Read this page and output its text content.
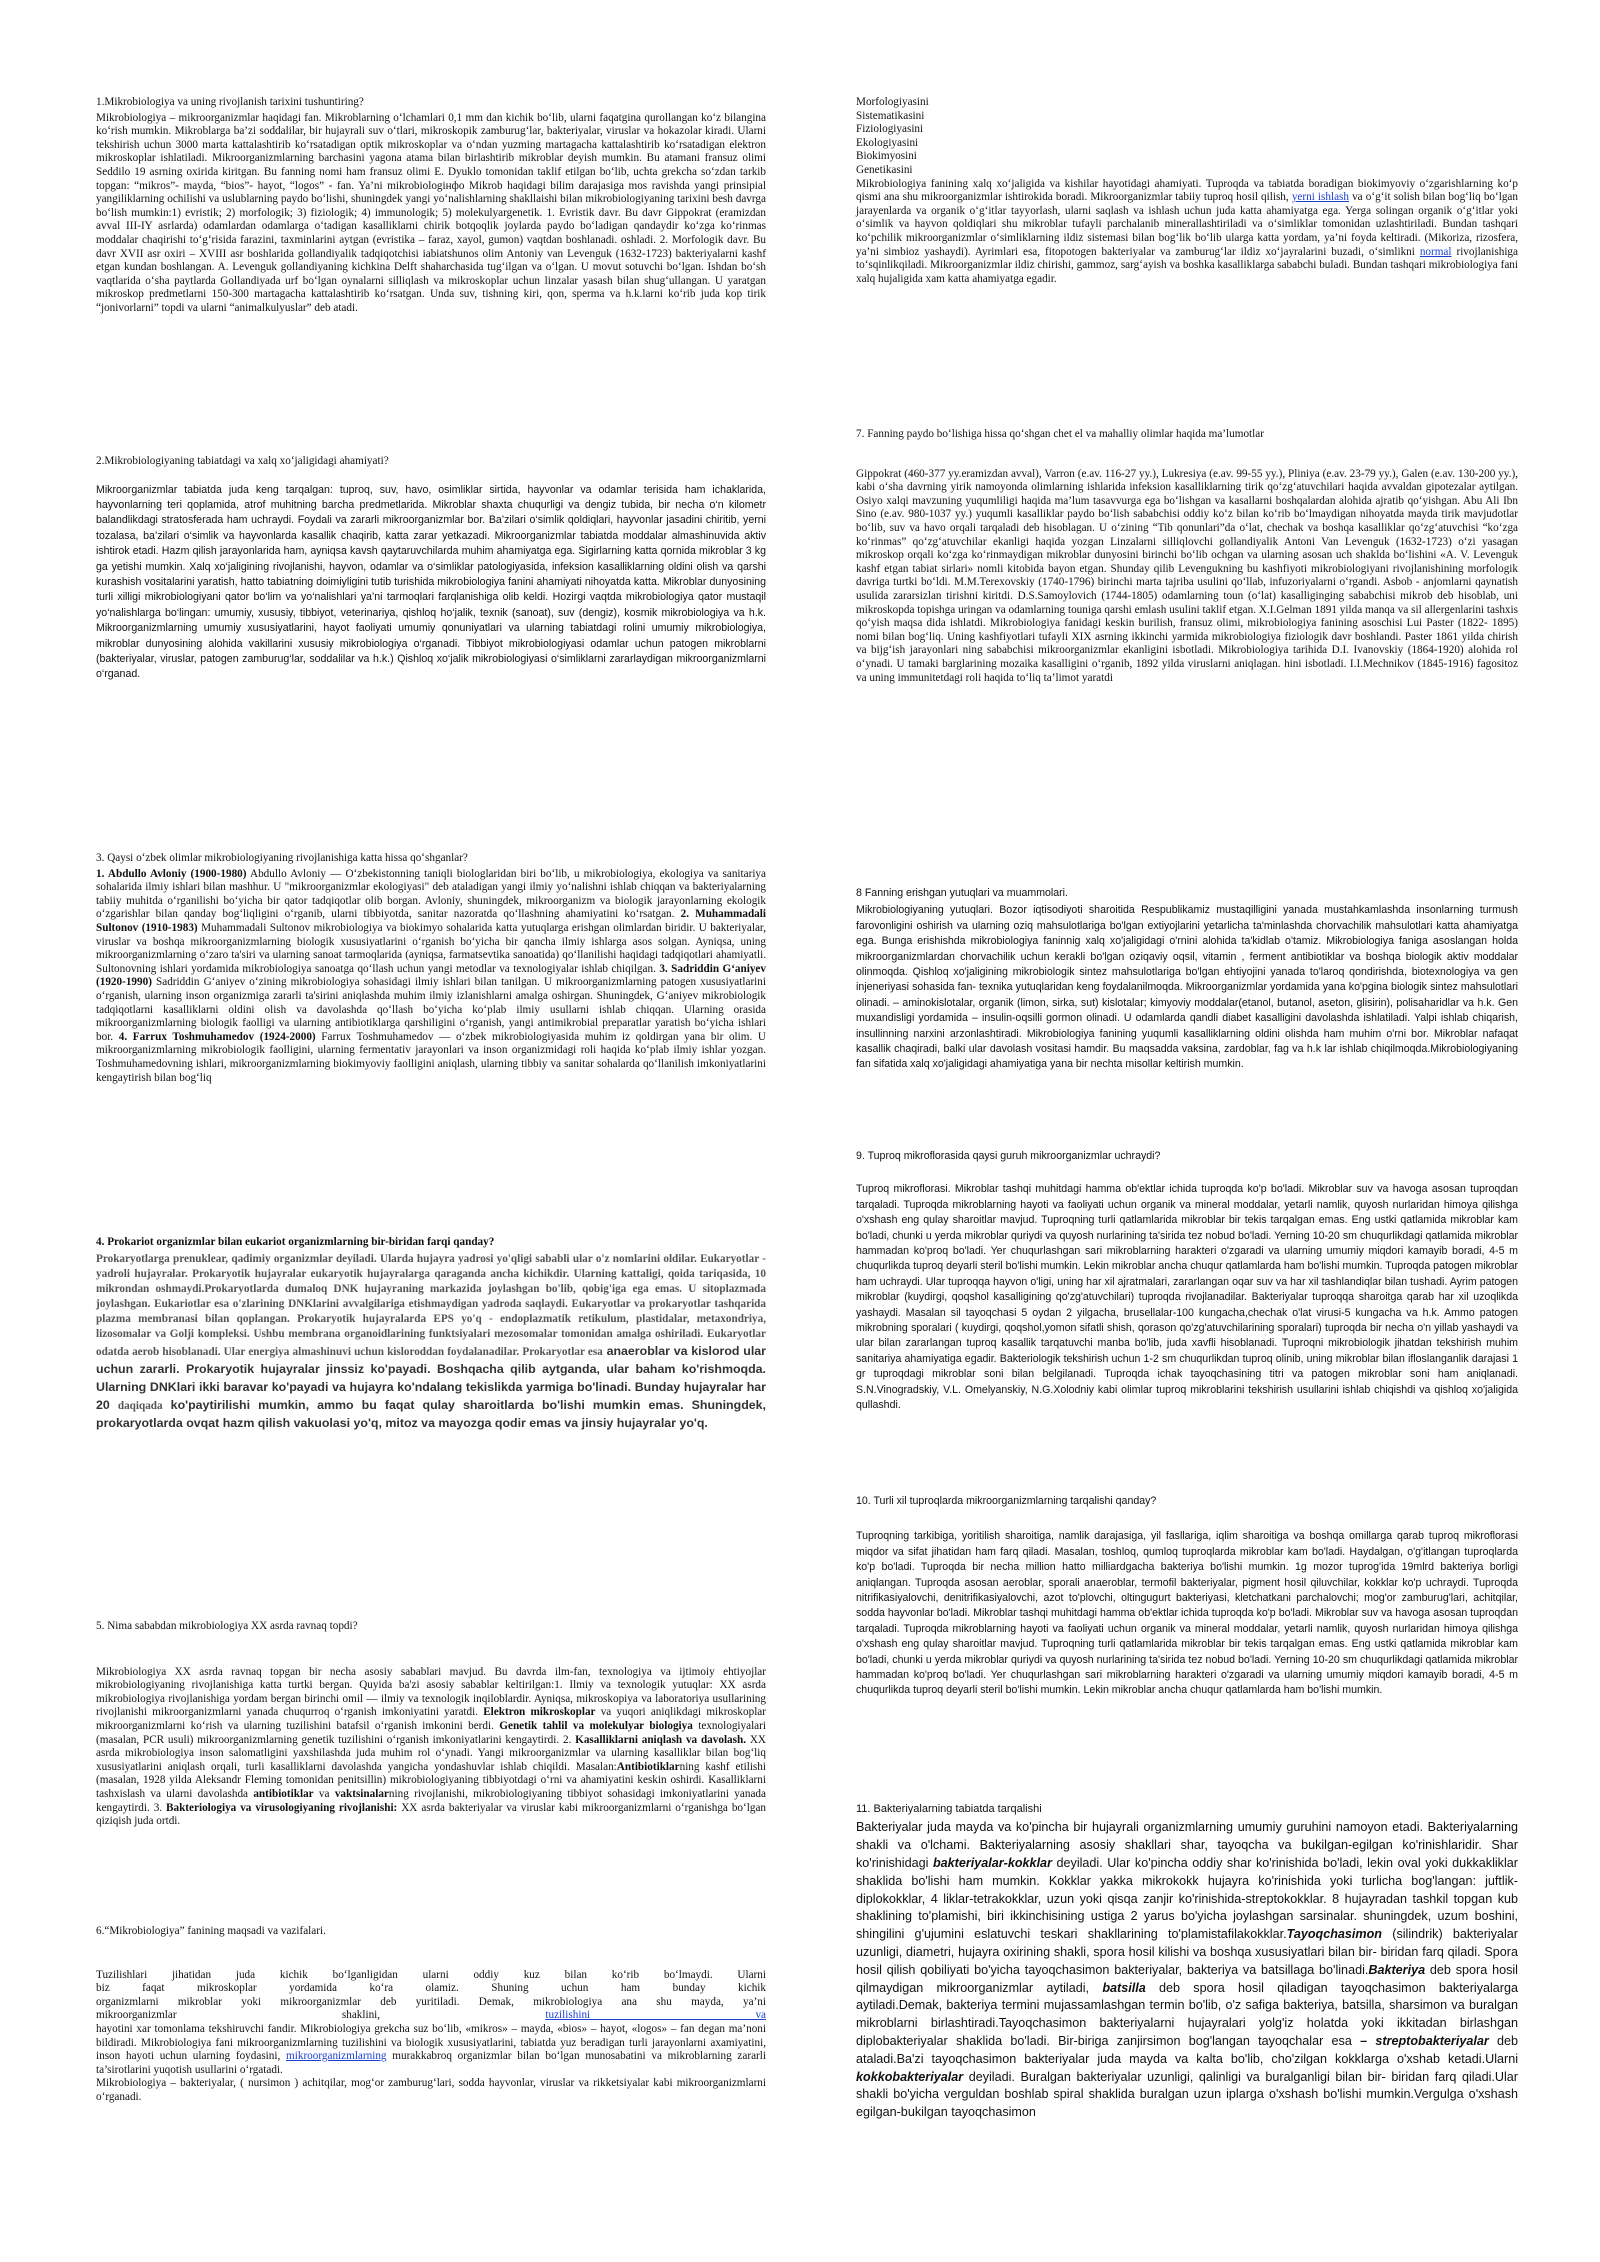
1.Mikrobiologiya va uning rivojlanish tarixini tushuntiring?

Mikrobiologiya – mikroorganizmlar haqidagi fan. Mikroblarning o‘lchamlari 0,1 mm dan kichik bo‘lib, ularni faqatgina qurollangan ko‘z bilangina ko‘rish mumkin. Mikroblarga ba’zi soddalilar, bir hujayrali suv o‘tlari, mikroskopik zamburug‘lar, bakteriyalar, viruslar va hokazolar kiradi. Ularni tekshirish uchun 3000 marta kattalashtirib ko‘rsatadigan optik mikroskoplar va o‘ndan yuzming martagacha kattalashtirib ko‘rsatadigan elektron mikroskoplar ishlatiladi. Mikroorganizmlarning barchasini yagona atama bilan birlashtirib mikroblar deyish mumkin. Bu atamani fransuz olimi Seddilo 19 asrning oxirida kiritgan. Bu fanning nomi ham fransuz olimi E. Dyuklo tomonidan taklif etilgan bo‘lib, uchta grekcha so‘zdan tarkib topgan: “mikros”- mayda, “bios”- hayot, “logos” - fan. Ya’ni mikrobiologiнфо Mikrob haqidagi bilim darajasiga mos ravishda yangi prinsipial yangiliklarning ochilishi va uslublarning paydo bo‘lishi, shuningdek yangi yo‘nalishlarning shakllaishi bilan mikrobiologiyaning tarixini besh davrga bo‘lish mumkin:1) evristik; 2) morfologik; 3) fiziologik; 4) immunologik; 5) molekulyargenetik. 1. Evristik davr. Bu davr Gippokrat (eramizdan avval III-IY asrlarda) odamlardan odamlarga o‘tadigan kasalliklarni chirik botqoqlik joylarda paydo bo‘ladigan qandaydir ko‘zga ko‘rinmas moddalar chaqirishi to‘g‘risida farazini, taxminlarini aytgan (evristika – faraz, xayol, gumon) vaqtdan boshlanadi. oshladi. 2. Morfologik davr. Bu davr XVII asr oxiri – XVIII asr boshlarida gollandiyalik tadqiqotchisi iabiatshunos olim Antoniy van Levenguk (1632-1723) bakteriyalarni kashf etgan kundan boshlangan. A. Levenguk gollandiyaning kichkina Delft shaharchasida tug‘ilgan va o‘lgan. U movut sotuvchi bo‘lgan. Ishdan bo‘sh vaqtlarida o‘sha paytlarda Gollandiyada urf bo‘lgan oynalarni silliqlash va mikroskoplar uchun linzalar yasash bilan shug‘ullangan. U yaratgan mikroskop predmetlarni 150-300 martagacha kattalashtirib ko‘rsatgan. Unda suv, tishning kiri, qon, sperma va h.k.larni ko‘rib juda kop tirik “jonivorlarni” topdi va ularni “animalkulyuslar” deb atadi.

2.Mikrobiologiyaning tabiatdagi va xalq xo‘jaligidagi ahamiyati?

Mikroorganizmlar tabiatda juda keng tarqalgan: tuproq, suv, havo, osimliklar sirtida, hayvonlar va odamlar terisida ham ichaklarida, hayvonlarning teri qoplamida, atrof muhitning barcha predmetlarida. Mikroblar shaxta chuqurligi va dengiz tubida, bir necha o‘n kilometr balandlikdagi stratosferada ham uchraydi. Foydali va zararli mikroorganizmlar bor. Ba’zilari o‘simlik qoldiqlari, hayvonlar jasadini chiritib, yerni tozalasa, ba’zilari o‘simlik va hayvonlarda kasallik chaqirib, katta zarar yetkazadi. Mikroorganizmlar tabiatda moddalar almashinuvida aktiv ishtirok etadi. Hazm qilish jarayonlarida ham, ayniqsa kavsh qaytaruvchilarda muhim ahamiyatga ega. Sigirlarning katta qornida mikroblar 3 kg ga yetishi mumkin. Xalq xo‘jaligining rivojlanishi, hayvon, odamlar va o‘simliklar patologiyasida, infeksion kasalliklarning oldini olish va qarshi kurashish vositalarini yaratish, hatto tabiatning doimiyligini tutib turishida mikrobiologiya fanini ahamiyati nihoyatda katta. Mikroblar dunyosining turli xilligi mikrobiologiyani qator bo‘lim va yo‘nalishlari ya’ni tarmoqlari farqlanishiga olib keldi. Hozirgi vaqtda mikrobiologiya qator mustaqil yo‘nalishlarga bo‘lingan: umumiy, xususiy, tibbiyot, veterinariya, qishloq ho‘jalik, texnik (sanoat), suv (dengiz), kosmik mikrobiologiya va h.k. Mikroorganizmlarning umumiy xususiyatlarini, hayot faoliyati umumiy qonuniyatlari va ularning tabiatdagi rolini umumiy mikrobiologiya, mikroblar dunyosining alohida vakillarini xususiy mikrobiologiya o‘rganadi. Tibbiyot mikrobiologiyasi odamlar uchun patogen mikroblarni (bakteriyalar, viruslar, patogen zamburug‘lar, soddalilar va h.k.) Qishloq xo‘jalik mikrobiologiyasi o‘simliklarni zararlaydigan mikroorganizmlarni o‘rganad.

3. Qaysi o‘zbek olimlar mikrobiologiyaning rivojlanishiga katta hissa qo‘shganlar?

1. Abdullo Avloniy (1900-1980) Abdullo Avloniy — O‘zbekistonning taniqli biologlaridan biri bo‘lib, u mikrobiologiya, ekologiya va sanitariya sohalarida ilmiy ishlari bilan mashhur. U "mikroorganizmlar ekologiyasi" deb ataladigan yangi ilmiy yo‘nalishni ishlab chiqqan va bakteriyalarning tabiiy muhitda o‘rganilishi bo‘yicha bir qator tadqiqotlar olib borgan. Avloniy, shuningdek, mikroorganizm va biologik jarayonlarning ekologik o‘zgarishlar bilan qanday bog‘liqligini o‘rganib, ularni tibbiyotda, sanitar nazoratda qo‘llashning ahamiyatini ko‘rsatgan. 2. Muhammadali Sultonov (1910-1983) Muhammadali Sultonov mikrobiologiya va biokimyo sohalarida katta yutuqlarga erishgan olimlardan biridir. U bakteriyalar, viruslar va boshqa mikroorganizmlarning biologik xususiyatlarini o‘rganish bo‘yicha bir qancha ilmiy ishlarga asos solgan. Ayniqsa, uning mikroorganizmlarning o‘zaro ta'siri va ularning sanoat tarmoqlarida (ayniqsa, farmatsevtika sanoatida) qo‘llanilishi haqidagi tadqiqotlari ahamiyatli. Sultonovning ishlari yordamida mikrobiologiya sanoatga qo‘llash uchun yangi metodlar va texnologiyalar ishlab chiqilgan. 3. Sadriddin G‘aniyev (1920-1990) Sadriddin G‘aniyev o‘zining mikrobiologiya sohasidagi ilmiy ishlari bilan tanilgan. U mikroorganizmlarning patogen xususiyatlarini o‘rganish, ularning inson organizmiga zararli ta'sirini aniqlashda muhim ilmiy izlanishlarni amalga oshirgan. Shuningdek, G‘aniyev mikrobiologik tadqiqotlarni kasalliklarni oldini olish va davolashda qo‘llash bo‘yicha ko‘plab ilmiy usullarni ishlab chiqqan. Ularning orasida mikroorganizmlarning biologik faolligi va ularning antibiotiklarga qarshiligini o‘rganish, yangi antimikrobial preparatlar yaratish bo‘yicha ishlari bor. 4. Farrux Toshmuhamedov (1924-2000) Farrux Toshmuhamedov — o‘zbek mikrobiologiyasida muhim iz qoldirgan yana bir olim. U mikroorganizmlarning mikrobiologik faolligini, ularning fermentativ jarayonlari va inson organizmidagi roli haqida ko‘plab ilmiy ishlar yozgan. Toshmuhamedovning ishlari, mikroorganizmlarning biokimyoviy faolligini aniqlash, ularning tibbiy va sanitar sohalarda qo‘llanilish imkoniyatlarini kengaytirish bilan bog‘liq

4. Prokariot organizmlar bilan eukariot organizmlarning bir-biridan farqi qanday?

Prokaryotlarga prenuklear, qadimiy organizmlar deyiladi. Ularda hujayra yadrosi yo'qligi sababli ular o'z nomlarini oldilar. Eukaryotlar - yadroli hujayralar. Prokaryotik hujayralar eukaryotik hujayralarga qaraganda ancha kichikdir. Ularning kattaligi, qoida tariqasida, 10 mikrondan oshmaydi.Prokaryotlarda dumaloq DNK hujayraning markazida joylashgan bo'lib, qobig'iga ega emas. U sitoplazmada joylashgan. Eukariotlar esa o'zlarining DNKlarini avvalgilariga etishmaydigan yadroda saqlaydi. Eukaryotlar va prokaryotlar tashqarida plazma membranasi bilan qoplangan. Prokaryotik hujayralarda EPS yo'q - endoplazmatik retikulum, plastidalar, metaxondriya, lizosomalar va Golji kompleksi. Ushbu membrana organoidlarining funktsiyalari mezosomalar tomonidan amalga oshiriladi. Eukaryotlar odatda aerob hisoblanadi. Ular energiya almashinuvi uchun kisloroddan foydalanadilar. Prokaryotlar esa anaeroblar va kislorod ular uchun zararli. Prokaryotik hujayralar jinssiz ko'payadi. Boshqacha qilib aytganda, ular baham ko'rishmoqda. Ularning DNKlari ikki baravar ko'payadi va hujayra ko'ndalang tekislikda yarmiga bo'linadi. Bunday hujayralar har 20 daqiqada ko'paytirilishi mumkin, ammo bu faqat qulay sharoitlarda bo'lishi mumkin emas. Shuningdek, prokaryotlarda ovqat hazm qilish vakuolasi yo'q, mitoz va mayozga qodir emas va jinsiy hujayralar yo'q.

5. Nima sababdan mikrobiologiya XX asrda ravnaq topdi?

Mikrobiologiya XX asrda ravnaq topgan bir necha asosiy sabablari mavjud. Bu davrda ilm-fan, texnologiya va ijtimoiy ehtiyojlar mikrobiologiyaning rivojlanishiga katta turtki bergan. Quyida ba'zi asosiy sabablar keltirilgan:1. Ilmiy va texnologik yutuqlar: XX asrda mikrobiologiya rivojlanishiga yordam bergan birinchi omil — ilmiy va texnologik inqiloblardir. Ayniqsa, mikroskopiya va laboratoriya usullarining rivojlanishi mikroorganizmlarni yanada chuqurroq o‘rganish imkoniyatini yaratdi. Elektron mikroskoplar va yuqori aniqlikdagi mikroskoplar mikroorganizmlarni ko‘rish va ularning tuzilishini batafsil o‘rganish imkonini berdi. Genetik tahlil va molekulyar biologiya texnologiyalari (masalan, PCR usuli) mikroorganizmlarning genetik tuzilishini o‘rganish imkoniyatlarini kengaytirdi. 2. Kasalliklarni aniqlash va davolash. XX asrda mikrobiologiya inson salomatligini yaxshilashda juda muhim rol o‘ynadi. Yangi mikroorganizmlar va ularning kasalliklar bilan bog‘liq xususiyatlarini aniqlash orqali, turli kasalliklarni davolashda yangicha yondashuvlar ishlab chiqildi. Masalan:Antibiotiklarning kashf etilishi (masalan, 1928 yilda Aleksandr Fleming tomonidan penitsillin) mikrobiologiyaning tibbiyotdagi o‘rni va ahamiyatini keskin oshirdi. Kasalliklarni tashxislash va ularni davolashda antibiotiklar va vaktsinalarning rivojlanishi, mikrobiologiyaning tibbiyot sohasidagi imkoniyatlarini yanada kengaytirdi. 3. Bakteriologiya va virusologiyaning rivojlanishi: XX asrda bakteriyalar va viruslar kabi mikroorganizmlarni o‘rganishga bo‘lgan qiziqish juda ortdi.

6.“Mikrobiologiya” fanining maqsadi va vazifalari.

Tuzilishlari jihatidan juda kichik bo‘lganligidan ularni oddiy kuz bilan ko‘rib bo‘lmaydi. Ularni

biz faqat mikroskoplar yordamida ko‘ra olamiz. Shuning uchun ham bunday kichik

organizmlarni mikroblar yoki mikroorganizmlar deb yuritiladi. Demak, mikrobiologiya ana shu mayda, ya’ni

mikroorganizmlar shaklini, tuzilishini va

hayotini xar tomonlama tekshiruvchi fandir. Mikrobiologiya grekcha suz bo‘lib, «mikros» – mayda, «bios» – hayot, «logos» – fan degan ma’noni bildiradi. Mikrobiologiya fani mikroorganizmlarning tuzilishini va biologik xususiyatlarini, tabiatda yuz beradigan turli jarayonlarni axamiyatini, inson hayoti uchun ularning foydasini, mikroorganizmlarning murakkabroq organizmlar bilan bo‘lgan munosabatini va mikroblarning zararli ta’sirotlarini yuqotish usullarini o‘rgatadi.

Mikrobiologiya – bakteriyalar, ( nursimon ) achitqilar, mog‘or zamburug‘lari, sodda hayvonlar, viruslar va rikketsiyalar kabi mikroorganizmlarni o‘rganadi.

Morfologiyasini
Sistematikasini
Fiziologiyasini
Ekologiyasini
Biokimyosini
Genetikasini

Mikrobiologiya fanining xalq xo‘jaligida va kishilar hayotidagi ahamiyati. Tuproqda va tabiatda boradigan biokimyoviy o‘zgarishlarning ko‘p qismi ana shu mikroorganizmlar ishtirokida boradi. Mikroorganizmlar tabiiy tuproq hosil qilish, yerni ishlash va o‘g‘it solish bilan bog‘liq bo‘lgan jarayenlarda va organik o‘g‘itlar tayyorlash, ularni saqlash va ishlash uchun juda katta ahamiyatga ega. Yerga solingan organik o‘g‘itlar yoki o‘simlik va hayvon qoldiqlari shu mikroblar tufayli parchalanib minerallashtiriladi va o‘simliklar tomonidan uzlashtiriladi. Bundan tashqari ko‘pchilik mikroorganizmlar o‘simliklarning ildiz sistemasi bilan bog‘lik bo‘lib ularga katta yordam, ya’ni foyda keltiradi. (Mikoriza, rizosfera, ya’ni simbioz yashaydi). Ayrimlari esa, fitopotogen bakteriyalar va zamburug‘lar ildiz xo‘jayralarini buzadi, o‘simlikni normal rivojlanishiga to‘sqinlikqiladi. Mikroorganizmlar ildiz chirishi, gammoz, sarg‘ayish va boshka kasalliklarga sababchi buladi. Bundan tashqari mikrobiologiya fani xalq hujaligida xam katta ahamiyatga egadir.

7. Fanning paydo bo‘lishiga hissa qo‘shgan chet el va mahalliy olimlar haqida ma’lumotlar

Gippokrat (460-377 yy.eramizdan avval), Varron (e.av. 116-27 yy.), Lukresiya (e.av. 99-55 yy.), Pliniya (e.av. 23-79 yy.), Galen (e.av. 130-200 yy.), kabi o‘sha davrning yirik namoyonda olimlarning ishlarida infeksion kasalliklarning tirik qo‘zg‘atuvchilari haqida avvaldan gipotezalar aytilgan. Osiyo xalqi mavzuning yuqumliligi haqida ma’lum tasavvurga ega bo‘lishgan va kasallarni boshqalardan alohida ajratib qo‘yishgan. Abu Ali Ibn Sino (e.av. 980-1037 yy.) yuqumli kasalliklar paydo bo‘lish sababchisi oddiy ko‘z bilan ko‘rib bo‘lmaydigan nihoyatda mayda tirik mavjudotlar bo‘lib, suv va havo orqali tarqaladi deb hisoblagan. U o‘zining “Tib qonunlari”da o‘lat, chechak va boshqa kasalliklar qo‘zg‘atuvchisi “ko‘zga ko‘rinmas” qo‘zg‘atuvchilar ekanligi haqida yozgan Linzalarni silliqlovchi gollandiyalik Antoni Van Levenguk (1632-1723) o‘zi yasagan mikroskop orqali ko‘zga ko‘rinmaydigan mikroblar dunyosini birinchi bo‘lib ochgan va ularning asosan uch shaklda bo‘lishini «A. V. Levenguk kashf etgan tabiat sirlari» nomli kitobida bayon etgan. Shunday qilib Levengukning bu kashfiyoti mikrobiologiyani rivojlanishining morfologik davriga turtki bo‘ldi. M.M.Terexovskiy (1740-1796) birinchi marta tajriba usulini qo‘llab, infuzoriyalarni o‘rgandi. Asbob - anjomlarni qaynatish usulida zararsizlan tirishni kiritdi. D.S.Samoylovich (1744-1805) odamlarning toun (o‘lat) kasalliginging sababchisi mikrob deb hisoblab, uni mikroskopda topishga uringan va odamlarning touniga qarshi emlash usulini taklif etgan. X.I.Gelman 1891 yilda manqa va sil allergenlarini tashxis qo‘yish maqsa dida ishlatdi. Mikrobiologiya fanidagi keskin burilish, fransuz olimi, mikrobiologiya fanining asoschisi Lui Paster (1822- 1895) nomi bilan bog‘liq. Uning kashfiyotlari tufayli XIX asrning ikkinchi yarmida mikrobiologiya fiziologik davr boshlandi. Paster 1861 yilda chirish va bijg‘ish jarayonlari ning sababchisi mikroorganizmlar ekanligini isbotladi. Mikrobiologiya tarihida D.I. Ivanovskiy (1864-1920) alohida rol o‘ynadi. U tamaki barglarining mozaika kasalligini o‘rganib, 1892 yilda viruslarni aniqlagan. hini isbotladi. I.I.Mechnikov (1845-1916) fagositoz va uning immunitetdagi roli haqida to‘liq ta’limot yaratdi

8 Fanning erishgan yutuqlari va muammolari.

Mikrobiologiyaning yutuqlari. Bozor iqtisodiyoti sharoitida Respublikamiz mustaqilligini yanada mustahkamlashda insonlarning turmush farovonligini oshirish va ularning oziq mahsulotlariga bo'lgan extiyojlarini yetarlicha ta'minlashda chorvachilik mahsulotlari katta ahamiyatga ega. Bunga erishishda mikrobiologiya faninnig xalq xo'jaligidagi o'rnini alohida ta'kidlab o'tamiz. Mikrobiologiya faniga asoslangan holda mikroorganizmlardan chorvachilik uchun kerakli bo'lgan oziqaviy oqsil, vitamin , ferment antibiotiklar va boshqa biologik aktiv moddalar olinmoqda. Qishloq xo'jaligining mikrobiologik sintez mahsulotlariga bo'lgan ehtiyojini yanada to'laroq qondirishda, biotexnologiya va gen injeneriyasi sohasida fan- texnika yutuqlaridan keng foydalanilmoqda. Mikroorganizmlar yordamida yana ko'pgina biologik sintez mahsulotlari olinadi. – aminokislotalar, organik (limon, sirka, sut) kislotalar; kimyoviy moddalar(etanol, butanol, aseton, glisirin), polisaharidlar va h.k. Gen muxandisligi yordamida – insulin-oqsilli gormon olinadi. U odamlarda qandli diabet kasalligini davolashda ishlatiladi. Yalpi ishlab chiqarish, insullinning narxini arzonlashtiradi. Mikrobiologiya fanining yuqumli kasalliklarning oldini olishda ham muhim o'rni bor. Mikroblar nafaqat kasallik chaqiradi, balki ular davolash vositasi hamdir. Bu maqsadda vaksina, zardoblar, fag va h.k lar ishlab chiqilmoqda.Mikrobiologiyaning fan sifatida xalq xo'jaligidagi ahamiyatiga yana bir nechta misollar keltirish mumkin.

9. Tuproq mikroflorasida qaysi guruh mikroorganizmlar uchraydi?

Tuproq mikroflorasi. Mikroblar tashqi muhitdagi hamma ob'ektlar ichida tuproqda ko'p bo'ladi. Mikroblar suv va havoga asosan tuproqdan tarqaladi. Tuproqda mikroblarning hayoti va faoliyati uchun organik va mineral moddalar, yetarli namlik, quyosh nurlaridan himoya qilishga o'xshash eng qulay sharoitlar mavjud. Tuproqning turli qatlamlarida mikroblar bir tekis tarqalgan emas. Eng ustki qatlamida mikroblar kam bo'ladi, chunki u yerda mikroblar quriydi va quyosh nurlarining ta'sirida tez nobud bo'ladi. Yerning 10-20 sm chuqurlikdagi qatlamida mikroblar hammadan ko'proq bo'ladi. Yer chuqurlashgan sari mikroblarning harakteri o'zgaradi va ularning umumiy miqdori kamayib boradi, 4-5 m chuqurlikda tuproq deyarli steril bo'lishi mumkin. Lekin mikroblar ancha chuqur qatlamlarda ham bo'lishi mumkin. Tuproqda patogen mikroblar ham uchraydi. Ular tuproqqa hayvon o'ligi, uning har xil ajratmalari, zararlangan oqar suv va har xil tashlandiqlar bilan tushadi. Ayrim patogen mikroblar (kuydirgi, qoqshol kasalligining qo'zg'atuvchilari) tuproqda rivojlanadilar. Bakteriyalar tuproqqa sharoitga qarab har xil uzoqlikda yashaydi. Masalan sil tayoqchasi 5 oydan 2 yilgacha, brusellalar-100 kungacha,chechak o'lat virusi-5 kungacha va h.k. Ammo patogen mikrobning sporalari ( kuydirgi, qoqshol,yomon sifatli shish, qorason qo'zg'atuvchilarining sporalari) tuproqda bir necha o'n yillab yashaydi va ular bilan zararlangan tuproq kasallik tarqatuvchi manba bo'lib, juda xavfli hisoblanadi. Tuproqni mikrobiologik jihatdan tekshirish muhim sanitariya ahamiyatiga egadir. Bakteriologik tekshirish uchun 1-2 sm chuqurlikdan tuproq olinib, uning mikroblar bilan ifloslanganlik darajasi 1 gr tuproqdagi mikroblar soni bilan belgilanadi. Tuproqda ichak tayoqchasining titri va patogen mikroblar soni ham aniqlanadi. S.N.Vinogradskiy, V.L. Omelyanskiy, N.G.Xolodniy kabi olimlar tuproq mikroblarini tekshirish usullarini ishlab chiqishdi va qishloq xo'jaligida qullashdi.

10. Turli xil tuproqlarda mikroorganizmlarning tarqalishi qanday?

Tuproqning tarkibiga, yoritilish sharoitiga, namlik darajasiga, yil fasllariga, iqlim sharoitiga va boshqa omillarga qarab tuproq mikroflorasi miqdor va sifat jihatidan ham farq qiladi. Masalan, toshloq, qumloq tuproqlarda mikroblar kam bo'ladi. Haydalgan, o'g'itlangan tuproqlarda ko'p bo'ladi. Tuproqda bir necha million hatto milliardgacha bakteriya bo'lishi mumkin. 1g mozor tuprog'ida 19mlrd bakteriya borligi aniqlangan. Tuproqda asosan aeroblar, sporali anaeroblar, termofil bakteriyalar, pigment hosil qiluvchilar, kokklar ko'p uchraydi. Tuproqda nitrifikasiyalovchi, denitrifikasiyalovchi, azot to'plovchi, oltingugurt bakteriyasi, kletchatkani parchalovchi; mog'or zamburug'lari, achitqilar, sodda hayvonlar bo'ladi. Mikroblar tashqi muhitdagi hamma ob'ektlar ichida tuproqda ko'p bo'ladi. Mikroblar suv va havoga asosan tuproqdan tarqaladi. Tuproqda mikroblarning hayoti va faoliyati uchun organik va mineral moddalar, yetarli namlik, quyosh nurlaridan himoya qilishga o'xshash eng qulay sharoitlar mavjud. Tuproqning turli qatlamlarida mikroblar bir tekis tarqalgan emas. Eng ustki qatlamida mikroblar kam bo'ladi, chunki u yerda mikroblar quriydi va quyosh nurlarining ta'sirida tez nobud bo'ladi. Yerning 10-20 sm chuqurlikdagi qatlamida mikroblar hammadan ko'proq bo'ladi. Yer chuqurlashgan sari mikroblarning harakteri o'zgaradi va ularning umumiy miqdori kamayib boradi, 4-5 m chuqurlikda tuproq deyarli steril bo'lishi mumkin. Lekin mikroblar ancha chuqur qatlamlarda ham bo'lishi mumkin.

11. Bakteriyalarning tabiatda tarqalishi

Bakteriyalar juda mayda va ko'pincha bir hujayrali organizmlarning umumiy guruhini namoyon etadi. Bakteriyalarning shakli va o'lchami. Bakteriyalarning asosiy shakllari shar, tayoqcha va bukilgan-egilgan ko'rinishlaridir. Shar ko'rinishidagi bakteriyalar-kokklar deyiladi. Ular ko'pincha oddiy shar ko'rinishida bo'ladi, lekin oval yoki dukkakliklar shaklida bo'lishi ham mumkin. Kokklar yakka mikrokokk hujayra ko'rinishida yoki turlicha bog'langan: juftlik-diplokokklar, 4 liklar-tetrakokklar, uzun yoki qisqa zanjir ko'rinishida-streptokokklar. 8 hujayradan tashkil topgan kub shaklining to'plamishi, biri ikkinchisining ustiga 2 yarus bo'yicha joylashgan sarsinalar. shuningdek, uzum boshini, shingilini g'ujumini eslatuvchi teskari shakllarining to'plamistafilakokklar.Tayoqchasimon (silindrik) bakteriyalar uzunligi, diametri, hujayra oxirining shakli, spora hosil kilishi va boshqa xususiyatlari bilan bir- biridan farq qiladi. Spora hosil qilish qobiliyati bo'yicha tayoqchasimon bakteriyalar, bakteriya va batsillaga bo'linadi.Bakteriya deb spora hosil qilmaydigan mikroorganizmlar aytiladi, batsilla deb spora hosil qiladigan tayoqchasimon bakteriyalarga aytiladi.Demak, bakteriya termini mujassamlashgan termin bo'lib, o'z safiga bakteriya, batsilla, sharsimon va buralgan mikroblarni birlashtiradi.Tayoqchasimon bakteriyalarni hujayralari yolg'iz holatda yoki ikkitadan birlashgan diplobakteriyalar shaklida bo'ladi. Bir-biriga zanjirsimon bog'langan tayoqchalar esa – streptobakteriyalar deb ataladi.Ba'zi tayoqchasimon bakteriyalar juda mayda va kalta bo'lib, cho'zilgan kokklarga o'xshab ketadi.Ularni kokkobakteriyalar deyiladi. Buralgan bakteriyalar uzunligi, qalinligi va buralganligi bilan bir- biridan farq qiladi.Ular shakli bo'yicha verguldan boshlab spiral shaklida buralgan uzun iplarga o'xshash bo'lishi mumkin.Vergulga o'xshash egilgan-bukilgan tayoqchasimon
